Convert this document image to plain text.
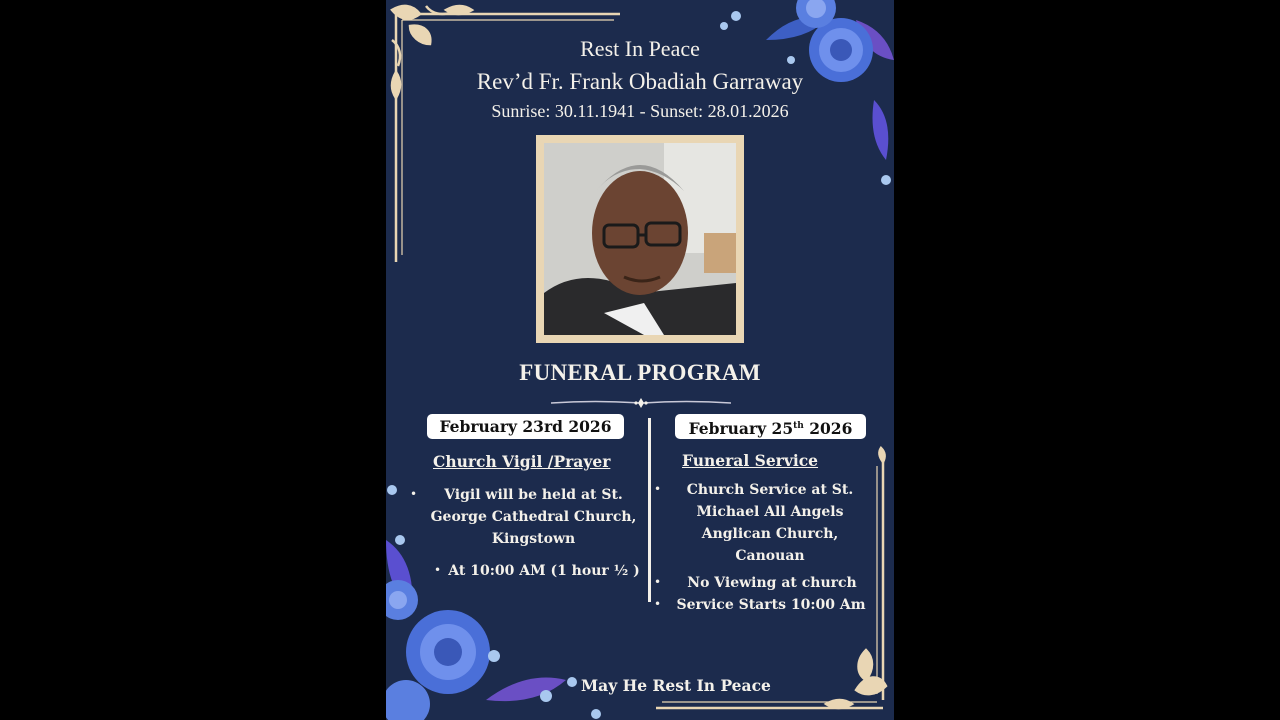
Rest In Peace
Rev’d Fr. Frank Obadiah Garraway
Sunrise: 30.11.1941 - Sunset: 28.01.2026
FUNERAL PROGRAM
February 23rd 2026	February 25th 2026
Church Vigil /Prayer	Funeral Service
•	Vigil will be held at St. George Cathedral Church, Kingstown
• At 10:00 AM (1 hour ½ )
•	Church Service at St. Michael All Angels Anglican Church, Canouan
•	No Viewing at church
•	Service Starts 10:00 Am
May He Rest In Peace
